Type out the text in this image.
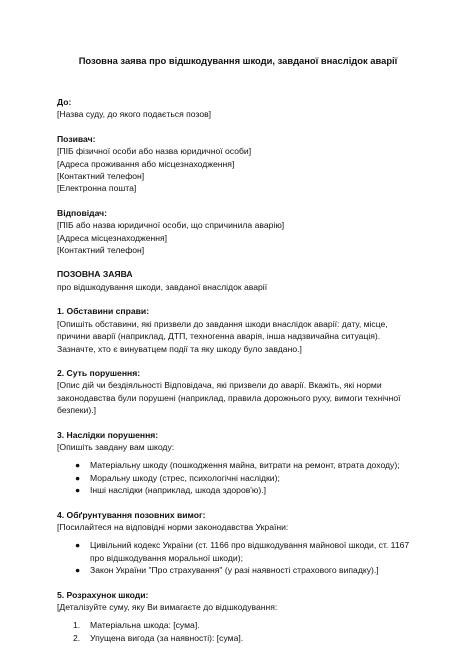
Позовна заява про відшкодування шкоди, завданої внаслідок аварії

До:

[Назва суду, до якого подається позов]

Позивач:

[ПІБ фізичної особи або назва юридичної особи]

[Адреса проживання або місцезнаходження]

[Контактний телефон]

[Електронна пошта]

Відповідач:

[ПІБ або назва юридичної особи, що спричинила аварію]

[Адреса місцезнаходження]

[Контактний телефон]

ПОЗОВНА ЗАЯВА

про відшкодування шкоди, завданої внаслідок аварії

1. Обставини справи:

[Опишіть обставини, які призвели до завдання шкоди внаслідок аварії: дату, місце,

причини аварії (наприклад, ДТП, техногенна аварія, інша надзвичайна ситуація).

Зазначте, хто є винуватцем події та яку шкоду було завдано.]

2. Суть порушення:

[Опис дій чи бездіяльності Відповідача, які призвели до аварії. Вкажіть, які норми

законодавства були порушені (наприклад, правила дорожнього руху, вимоги технічної

безпеки).]

3. Наслідки порушення:

[Опишіть завдану вам шкоду:

● Матеріальну шкоду (пошкодження майна, витрати на ремонт, втрата доходу);
● Моральну шкоду (стрес, психологічні наслідки);
● Інші наслідки (наприклад, шкода здоров'ю).]

4. Обґрунтування позовних вимог:

[Посилайтеся на відповідні норми законодавства України:

● Цивільний кодекс України (ст. 1166 про відшкодування майнової шкоди, ст. 1167
про відшкодування моральної шкоди);
● Закон України "Про страхування" (у разі наявності страхового випадку).]

5. Розрахунок шкоди:

[Деталізуйте суму, яку Ви вимагаєте до відшкодування:

1. Матеріальна шкода: [сума].
2. Упущена вигода (за наявності): [сума].
